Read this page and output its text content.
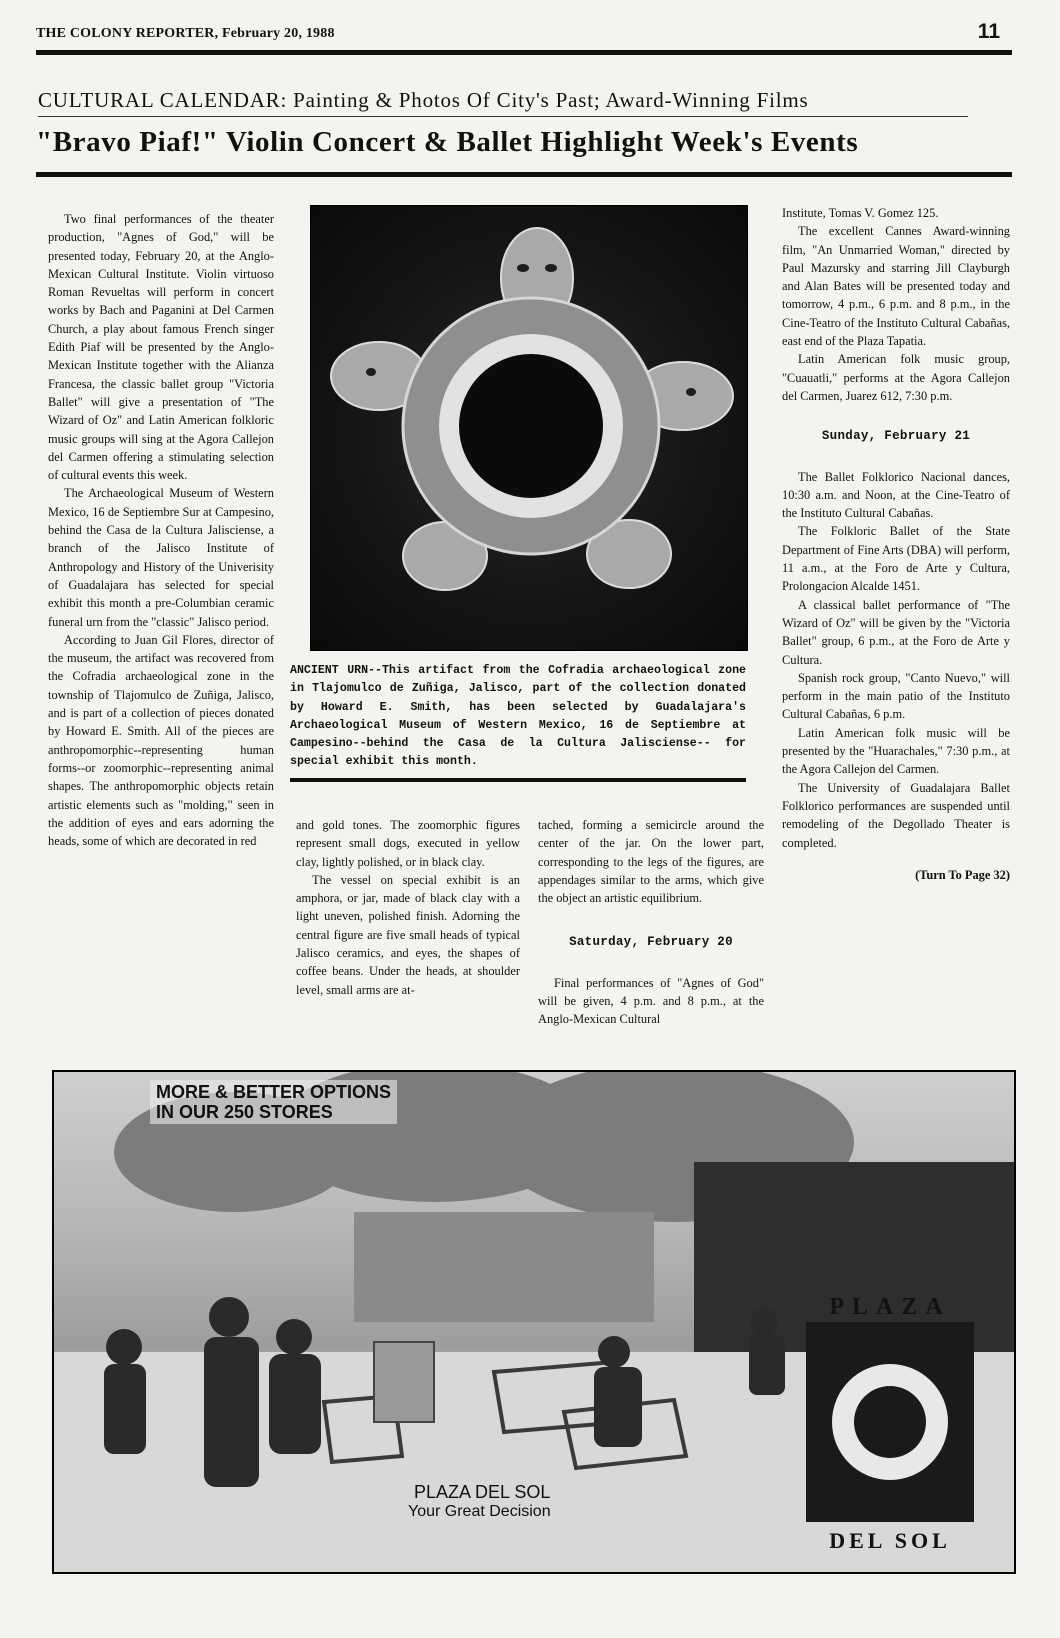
THE COLONY REPORTER, February 20, 1988	11
CULTURAL CALENDAR: Painting & Photos Of City's Past; Award-Winning Films
"Bravo Piaf!" Violin Concert & Ballet Highlight Week's Events

Two final performances of the theater production, "Agnes of God," will be presented today, February 20, at the Anglo-Mexican Cultural Institute. Violin virtuoso Roman Revueltas will perform in concert works by Bach and Paganini at Del Carmen Church, a play about famous French singer Edith Piaf will be presented by the Anglo-Mexican Institute together with the Alianza Francesa, the classic ballet group "Victoria Ballet" will give a presentation of "The Wizard of Oz" and Latin American folkloric music groups will sing at the Agora Callejon del Carmen offering a stimulating selection of cultural events this week.

The Archaeological Museum of Western Mexico, 16 de Septiembre Sur at Campesino, behind the Casa de la Cultura Jalisciense, a branch of the Jalisco Institute of Anthropology and History of the Univerisity of Guadalajara has selected for special exhibit this month a pre-Columbian ceramic funeral urn from the "classic" Jalisco period.

According to Juan Gil Flores, director of the museum, the artifact was recovered from the Cofradia archaeological zone in the township of Tlajomulco de Zuñiga, Jalisco, and is part of a collection of pieces donated by Howard E. Smith. All of the pieces are anthropomorphic--representing human forms--or zoomorphic--representing animal shapes. The anthropomorphic objects retain artistic elements such as "molding," seen in the addition of eyes and ears adorning the heads, some of which are decorated in red

ANCIENT URN--This artifact from the Cofradia archaeological zone in Tlajomulco de Zuñiga, Jalisco, part of the collection donated by Howard E. Smith, has been selected by Guadalajara's Archaeological Museum of Western Mexico, 16 de Septiembre at Campesino--behind the Casa de la Cultura Jalisciense-- for special exhibit this month.

and gold tones. The zoomorphic figures represent small dogs, executed in yellow clay, lightly polished, or in black clay.

The vessel on special exhibit is an amphora, or jar, made of black clay with a light uneven, polished finish. Adorning the central figure are five small heads of typical Jalisco ceramics, and eyes, the shapes of coffee beans. Under the heads, at shoulder level, small arms are at-

tached, forming a semicircle around the center of the jar. On the lower part, corresponding to the legs of the figures, are appendages similar to the arms, which give the object an artistic equilibrium.

Saturday, February 20

Final performances of "Agnes of God" will be given, 4 p.m. and 8 p.m., at the Anglo-Mexican Cultural

Institute, Tomas V. Gomez 125.

The excellent Cannes Award-winning film, "An Unmarried Woman," directed by Paul Mazursky and starring Jill Clayburgh and Alan Bates will be presented today and tomorrow, 4 p.m., 6 p.m. and 8 p.m., in the Cine-Teatro of the Instituto Cultural Cabañas, east end of the Plaza Tapatia.

Latin American folk music group, "Cuauatli," performs at the Agora Callejon del Carmen, Juarez 612, 7:30 p.m.

Sunday, February 21

The Ballet Folklorico Nacional dances, 10:30 a.m. and Noon, at the Cine-Teatro of the Instituto Cultural Cabañas.

The Folkloric Ballet of the State Department of Fine Arts (DBA) will perform, 11 a.m., at the Foro de Arte y Cultura, Prolongacion Alcalde 1451.

A classical ballet performance of "The Wizard of Oz" will be given by the "Victoria Ballet" group, 6 p.m., at the Foro de Arte y Cultura.

Spanish rock group, "Canto Nuevo," will perform in the main patio of the Instituto Cultural Cabañas, 6 p.m.

Latin American folk music will be presented by the "Huarachales," 7:30 p.m., at the Agora Callejon del Carmen.

The University of Guadalajara Ballet Folklorico performances are suspended until remodeling of the Degollado Theater is completed.

(Turn To Page 32)
MORE & BETTER OPTIONS
IN OUR 250 STORES
PLAZA
DEL SOL
PLAZA DEL SOL
Your Great Decision
